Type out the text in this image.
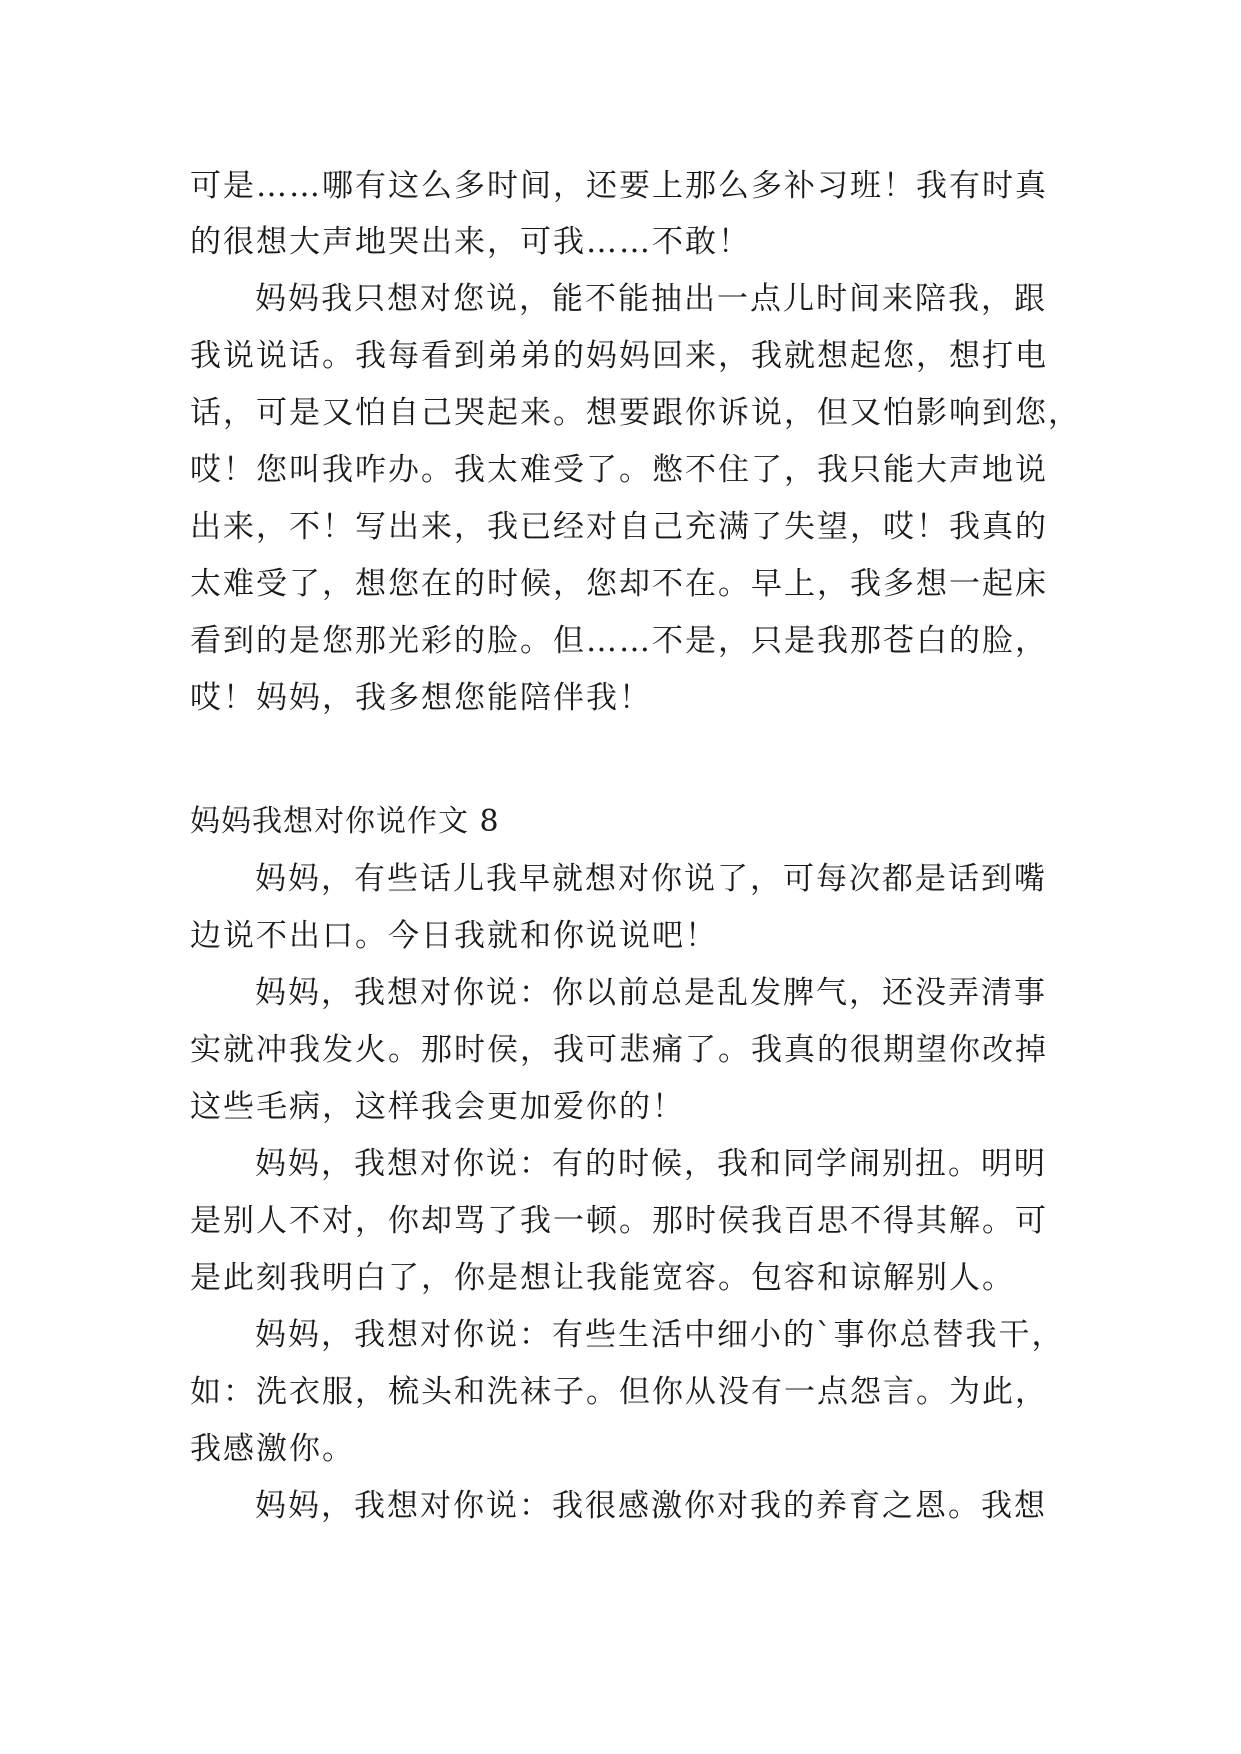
可是……哪有这么多时间，还要上那么多补习班！我有时真
的很想大声地哭出来，可我……不敢！
妈妈我只想对您说，能不能抽出一点儿时间来陪我，跟
我说说话。我每看到弟弟的妈妈回来，我就想起您，想打电
话，可是又怕自己哭起来。想要跟你诉说，但又怕影响到您，
哎！您叫我咋办。我太难受了。憋不住了，我只能大声地说
出来，不！写出来，我已经对自己充满了失望，哎！我真的
太难受了，想您在的时候，您却不在。早上，我多想一起床
看到的是您那光彩的脸。但……不是，只是我那苍白的脸，
哎！妈妈，我多想您能陪伴我！
妈妈我想对你说作文 8
妈妈，有些话儿我早就想对你说了，可每次都是话到嘴
边说不出口。今日我就和你说说吧！
妈妈，我想对你说：你以前总是乱发脾气，还没弄清事
实就冲我发火。那时侯，我可悲痛了。我真的很期望你改掉
这些毛病，这样我会更加爱你的！
妈妈，我想对你说：有的时候，我和同学闹别扭。明明
是别人不对，你却骂了我一顿。那时侯我百思不得其解。可
是此刻我明白了，你是想让我能宽容。包容和谅解别人。
妈妈，我想对你说：有些生活中细小的`事你总替我干，
如：洗衣服，梳头和洗袜子。但你从没有一点怨言。为此，
我感激你。
妈妈，我想对你说：我很感激你对我的养育之恩。我想
